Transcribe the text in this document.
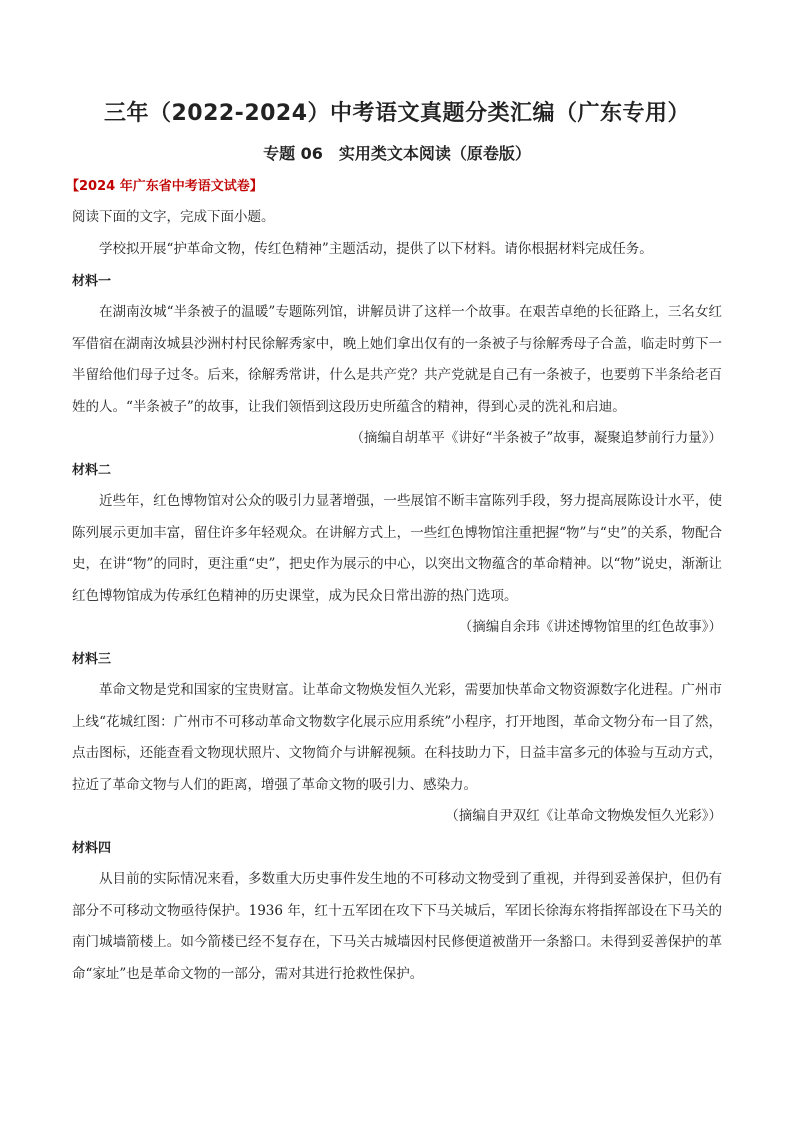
三年（2022-2024）中考语文真题分类汇编（广东专用）
专题 06　实用类文本阅读（原卷版）
【2024 年广东省中考语文试卷】

阅读下面的文字，完成下面小题。

学校拟开展“护革命文物，传红色精神”主题活动，提供了以下材料。请你根据材料完成任务。

材料一

在湖南汝城“半条被子的温暖”专题陈列馆，讲解员讲了这样一个故事。在艰苦卓绝的长征路上，三名女红军借宿在湖南汝城县沙洲村村民徐解秀家中，晚上她们拿出仅有的一条被子与徐解秀母子合盖，临走时剪下一半留给他们母子过冬。后来，徐解秀常讲，什么是共产党？共产党就是自己有一条被子，也要剪下半条给老百姓的人。“半条被子”的故事，让我们领悟到这段历史所蕴含的精神，得到心灵的洗礼和启迪。

（摘编自胡革平《讲好“半条被子”故事，凝聚追梦前行力量》）

材料二

近些年，红色博物馆对公众的吸引力显著增强，一些展馆不断丰富陈列手段，努力提高展陈设计水平，使陈列展示更加丰富，留住许多年轻观众。在讲解方式上，一些红色博物馆注重把握“物”与“史”的关系，物配合史，在讲“物”的同时，更注重“史”，把史作为展示的中心，以突出文物蕴含的革命精神。以“物”说史，渐渐让红色博物馆成为传承红色精神的历史课堂，成为民众日常出游的热门选项。

（摘编自余玮《讲述博物馆里的红色故事》）

材料三

革命文物是党和国家的宝贵财富。让革命文物焕发恒久光彩，需要加快革命文物资源数字化进程。广州市上线“花城红图：广州市不可移动革命文物数字化展示应用系统”小程序，打开地图，革命文物分布一目了然，点击图标，还能查看文物现状照片、文物简介与讲解视频。在科技助力下，日益丰富多元的体验与互动方式，拉近了革命文物与人们的距离，增强了革命文物的吸引力、感染力。

（摘编自尹双红《让革命文物焕发恒久光彩》）

材料四

从目前的实际情况来看，多数重大历史事件发生地的不可移动文物受到了重视，并得到妥善保护，但仍有部分不可移动文物亟待保护。1936 年，红十五军团在攻下下马关城后，军团长徐海东将指挥部设在下马关的南门城墙箭楼上。如今箭楼已经不复存在，下马关古城墙因村民修便道被凿开一条豁口。未得到妥善保护的革命“家址”也是革命文物的一部分，需对其进行抢救性保护。
